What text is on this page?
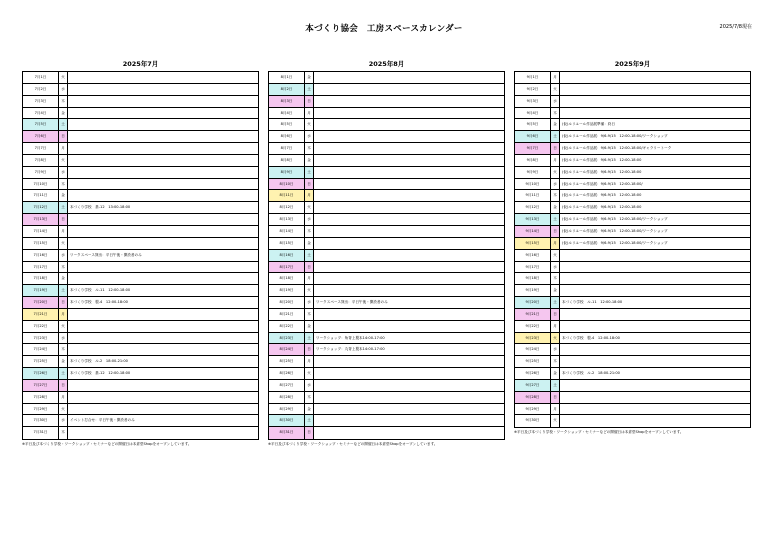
本づくり協会　工房スペースカレンダー	2025/7/8現在
2025年7月
7月1日	火
7月2日	水
7月3日	木
7月4日	金
7月5日	土
7月6日	日
7月7日	月
7月8日	火
7月9日	水
7月10日	木
7月11日	金
7月12日	土	本づくり学校　基-12　13:00-18:00
7月13日	日
7月14日	月
7月15日	火
7月16日	水	ワークスペース貸出：平日午後・開設者のみ
7月17日	木
7月18日	金
7月19日	土	本づくり学校　ル-11　12:00-18:00
7月20日	日	本づくり学校　製-4　12:00-18:00
7月21日	月
7月22日	火
7月23日	水
7月24日	木
7月25日	金	本づくり学校　ル-2　18:00-21:00
7月26日	土	本づくり学校　基-12　12:00-18:00
7月27日	日
7月28日	月
7月29日	火
7月30日	水	イベント打合せ：平日午後・開設者のみ
7月31日	木
※平日及び本づくり学校・ワークショップ・セミナーなどの開催日は本倉堂Shopをオープンしています。
2025年8月
8月1日	金
8月2日	土
8月3日	日
8月4日	月
8月5日	火
8月6日	水
8月7日	木
8月8日	金
8月9日	土
8月10日	日
8月11日	月
8月12日	火
8月13日	水
8月14日	木
8月15日	金
8月16日	土
8月17日	日
8月18日	月
8月19日	火
8月20日	水	ワークスペース貸出：平日午後・開設者のみ
8月21日	木
8月22日	金
8月23日	土	ワークショップ：角背上製本14:00-17:00
8月24日	日	ワークショップ：丸背上製本14:00-17:00
8月25日	月
8月26日	火
8月27日	水
8月28日	木
8月29日	金
8月30日	土
8月31日	日
※平日及び本づくり学校・ワークショップ・セミナーなどの開催日は本倉堂Shopをオープンしています。
2025年9月
9月1日	月
9月2日	火
9月3日	水
9月4日	木
9月5日	金	(仮)ルリユール作品展準備：終日
9月6日	土	(仮)ルリユール作品展：9/6-9/15　12:00-18:00/ワークショップ
9月7日	日	(仮)ルリユール作品展：9/6-9/15　12:00-18:00/ギャラリートーク
9月8日	月	(仮)ルリユール作品展：9/6-9/15　12:00-18:00
9月9日	火	(仮)ルリユール作品展：9/6-9/15　12:00-18:00
9月10日	水	(仮)ルリユール作品展：9/6-9/15　12:00-18:00/
9月11日	木	(仮)ルリユール作品展：9/6-9/15　12:00-18:00
9月12日	金	(仮)ルリユール作品展：9/6-9/15　12:00-18:00
9月13日	土	(仮)ルリユール作品展：9/6-9/15　12:00-18:00/ワークショップ
9月14日	日	(仮)ルリユール作品展：9/6-9/15　12:00-18:00/ワークショップ
9月15日	月	(仮)ルリユール作品展：9/6-9/15　12:00-18:00/ワークショップ
9月16日	火
9月17日	水
9月18日	木
9月19日	金
9月20日	土	本づくり学校　ル-11　12:00-18:00
9月21日	日
9月22日	月
9月23日	火	本づくり学校　製-4　12:00-18:00
9月24日	水
9月25日	木
9月26日	金	本づくり学校　ル-2　18:00-21:00
9月27日	土
9月28日	日
9月29日	月
9月30日	火
※平日及び本づくり学校・ワークショップ・セミナーなどの開催日は本倉堂Shopをオープンしています。
